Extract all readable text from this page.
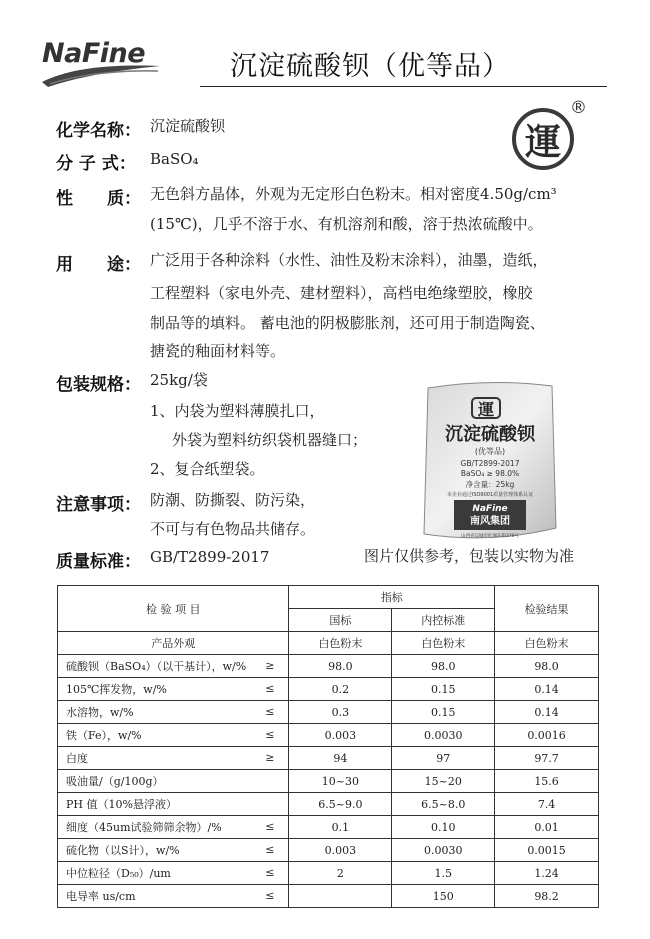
NaFine	沉淀硫酸钡（优等品）
運
®
化学名称： 沉淀硫酸钡
分 子 式： BaSO₄
性　　质： 无色斜方晶体，外观为无定形白色粉末。相对密度4.50g/cm³
(15℃)，几乎不溶于水、有机溶剂和酸，溶于热浓硫酸中。
用　　途： 广泛用于各种涂料（水性、油性及粉末涂料），油墨，造纸，
工程塑料（家电外壳、建材塑料），高档电绝缘塑胶，橡胶
制品等的填料。 蓄电池的阴极膨胀剂，还可用于制造陶瓷、
搪瓷的釉面材料等。
包装规格： 25kg/袋
1、内袋为塑料薄膜扎口，
外袋为塑料纺织袋机器缝口；
2、复合纸塑袋。
注意事项： 防潮、防撕裂、防污染，
不可与有色物品共储存。
质量标准： GB/T2899-2017
運
沉淀硫酸钡
(优等品)
GB/T2899-2017
BaSO₄ ≥ 98.0%
净含量：25kg
本企业通过ISO9001质量管理体系认证
NaFine
南风集团
山西省运城市红旗东街376号
图片仅供参考，包装以实物为准
检 验 项 目	指标		检验结果
	国标	内控标准	
产品外观	白色粉末	白色粉末	白色粉末
硫酸钡（BaSO₄）（以干基计），w/% ≥	98.0	98.0	98.0
105℃挥发物，w/% ≤	0.2	0.15	0.14
水溶物，w/% ≤	0.3	0.15	0.14
铁（Fe），w/% ≤	0.003	0.0030	0.0016
白度 ≥	94	97	97.7
吸油量/（g/100g）	10~30	15~20	15.6
PH 值（10%悬浮液）	6.5~9.0	6.5~8.0	7.4
细度（45um试验筛筛余物）/% ≤	0.1	0.10	0.01
硫化物（以S计），w/% ≤	0.003	0.0030	0.0015
中位粒径（D₅₀）/um ≤	2	1.5	1.24
电导率 us/cm ≤		150	98.2
